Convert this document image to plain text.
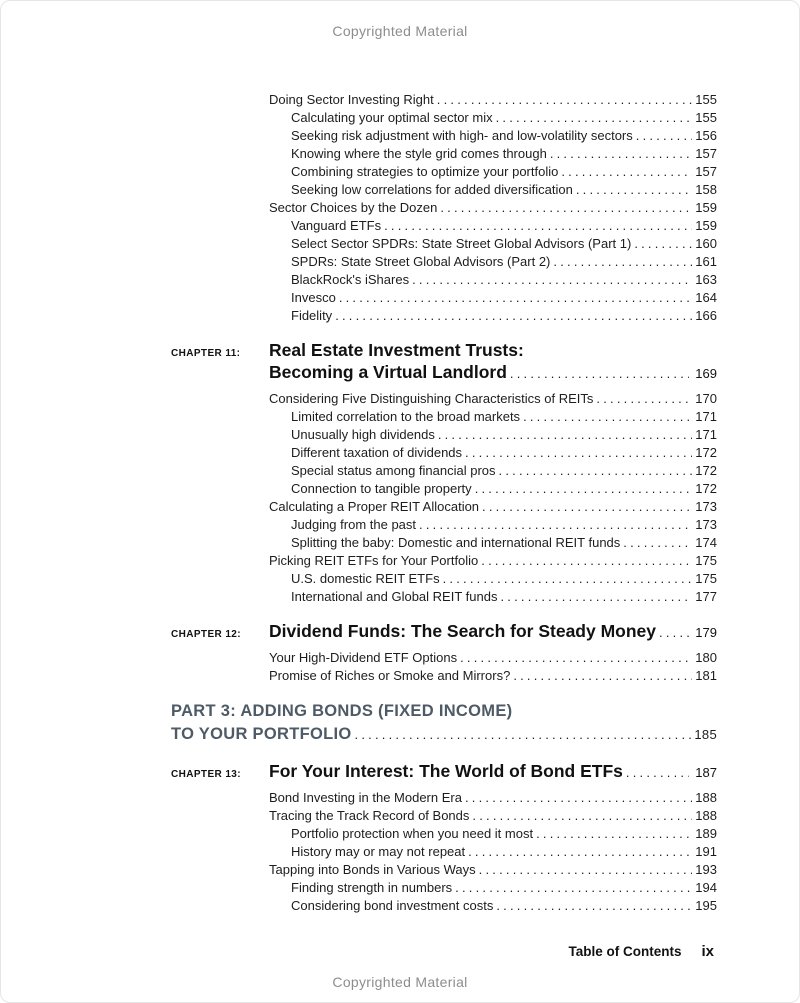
Copyrighted Material
Doing Sector Investing Right .....	155
Calculating your optimal sector mix .....	155
Seeking risk adjustment with high- and low-volatility sectors .....	156
Knowing where the style grid comes through .....	157
Combining strategies to optimize your portfolio .....	157
Seeking low correlations for added diversification .....	158
Sector Choices by the Dozen .....	159
Vanguard ETFs .....	159
Select Sector SPDRs: State Street Global Advisors (Part 1) .....	160
SPDRs: State Street Global Advisors (Part 2) .....	161
BlackRock's iShares .....	163
Invesco .....	164
Fidelity .....	166
CHAPTER 11:	Real Estate Investment Trusts:
Becoming a Virtual Landlord .....	169
Considering Five Distinguishing Characteristics of REITs .....	170
Limited correlation to the broad markets .....	171
Unusually high dividends .....	171
Different taxation of dividends .....	172
Special status among financial pros .....	172
Connection to tangible property .....	172
Calculating a Proper REIT Allocation .....	173
Judging from the past .....	173
Splitting the baby: Domestic and international REIT funds .....	174
Picking REIT ETFs for Your Portfolio .....	175
U.S. domestic REIT ETFs .....	175
International and Global REIT funds .....	177
CHAPTER 12:	Dividend Funds: The Search for Steady Money .....	179
Your High-Dividend ETF Options .....	180
Promise of Riches or Smoke and Mirrors? .....	181
PART 3: ADDING BONDS (FIXED INCOME)
TO YOUR PORTFOLIO .....	185
CHAPTER 13:	For Your Interest: The World of Bond ETFs .....	187
Bond Investing in the Modern Era .....	188
Tracing the Track Record of Bonds .....	188
Portfolio protection when you need it most .....	189
History may or may not repeat .....	191
Tapping into Bonds in Various Ways .....	193
Finding strength in numbers .....	194
Considering bond investment costs .....	195
Table of Contents ix
Copyrighted Material
